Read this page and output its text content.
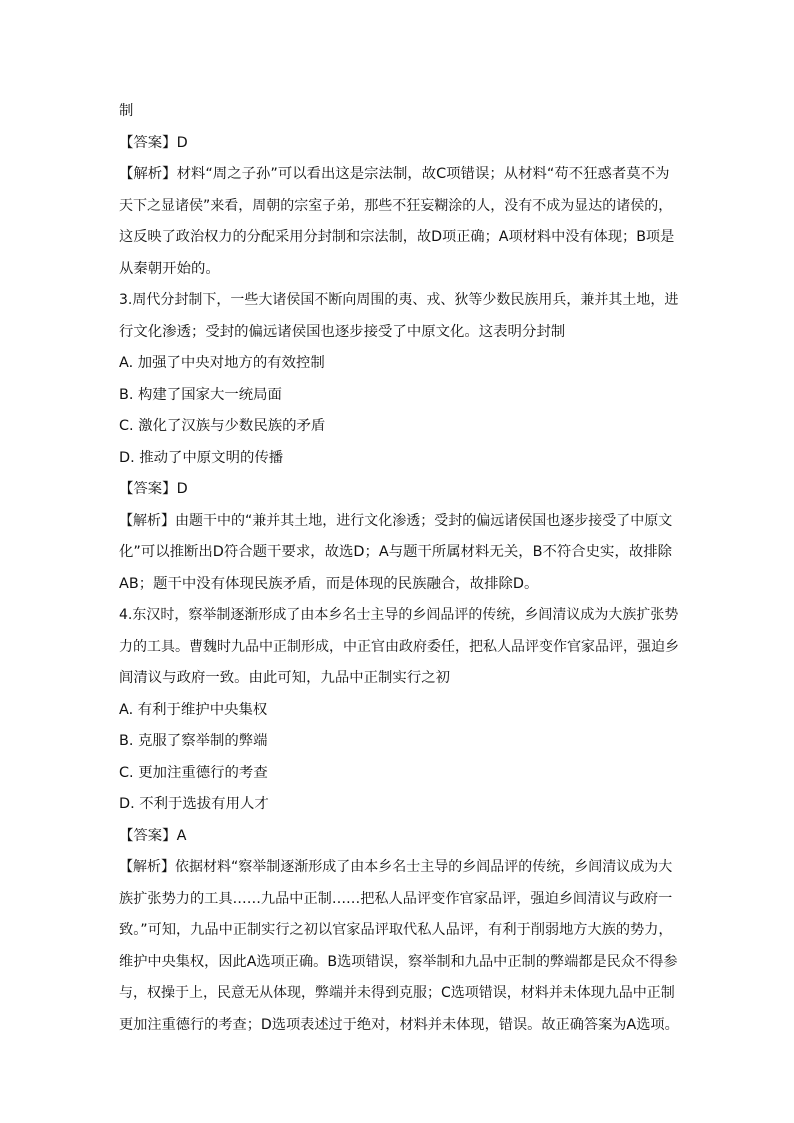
制
【答案】D
【解析】材料“周之子孙”可以看出这是宗法制，故C项错误；从材料“苟不狂惑者莫不为
天下之显诸侯”来看，周朝的宗室子弟，那些不狂妄糊涂的人，没有不成为显达的诸侯的，
这反映了政治权力的分配采用分封制和宗法制，故D项正确；A项材料中没有体现；B项是
从秦朝开始的。
3.周代分封制下，一些大诸侯国不断向周围的夷、戎、狄等少数民族用兵，兼并其土地，进
行文化渗透；受封的偏远诸侯国也逐步接受了中原文化。这表明分封制
A. 加强了中央对地方的有效控制
B. 构建了国家大一统局面
C. 激化了汉族与少数民族的矛盾
D. 推动了中原文明的传播
【答案】D
【解析】由题干中的“兼并其土地，进行文化渗透；受封的偏远诸侯国也逐步接受了中原文
化”可以推断出D符合题干要求，故选D；A与题干所属材料无关，B不符合史实，故排除
AB；题干中没有体现民族矛盾，而是体现的民族融合，故排除D。
4.东汉时，察举制逐渐形成了由本乡名士主导的乡闾品评的传统，乡闾清议成为大族扩张势
力的工具。曹魏时九品中正制形成，中正官由政府委任，把私人品评变作官家品评，强迫乡
闾清议与政府一致。由此可知，九品中正制实行之初
A. 有利于维护中央集权
B. 克服了察举制的弊端
C. 更加注重德行的考查
D. 不利于选拔有用人才
【答案】A
【解析】依据材料“察举制逐渐形成了由本乡名士主导的乡闾品评的传统，乡闾清议成为大
族扩张势力的工具……九品中正制……把私人品评变作官家品评，强迫乡闾清议与政府一
致。”可知，九品中正制实行之初以官家品评取代私人品评，有利于削弱地方大族的势力，
维护中央集权，因此A选项正确。B选项错误，察举制和九品中正制的弊端都是民众不得参
与，权操于上，民意无从体现，弊端并未得到克服；C选项错误，材料并未体现九品中正制
更加注重德行的考查；D选项表述过于绝对，材料并未体现，错误。故正确答案为A选项。
